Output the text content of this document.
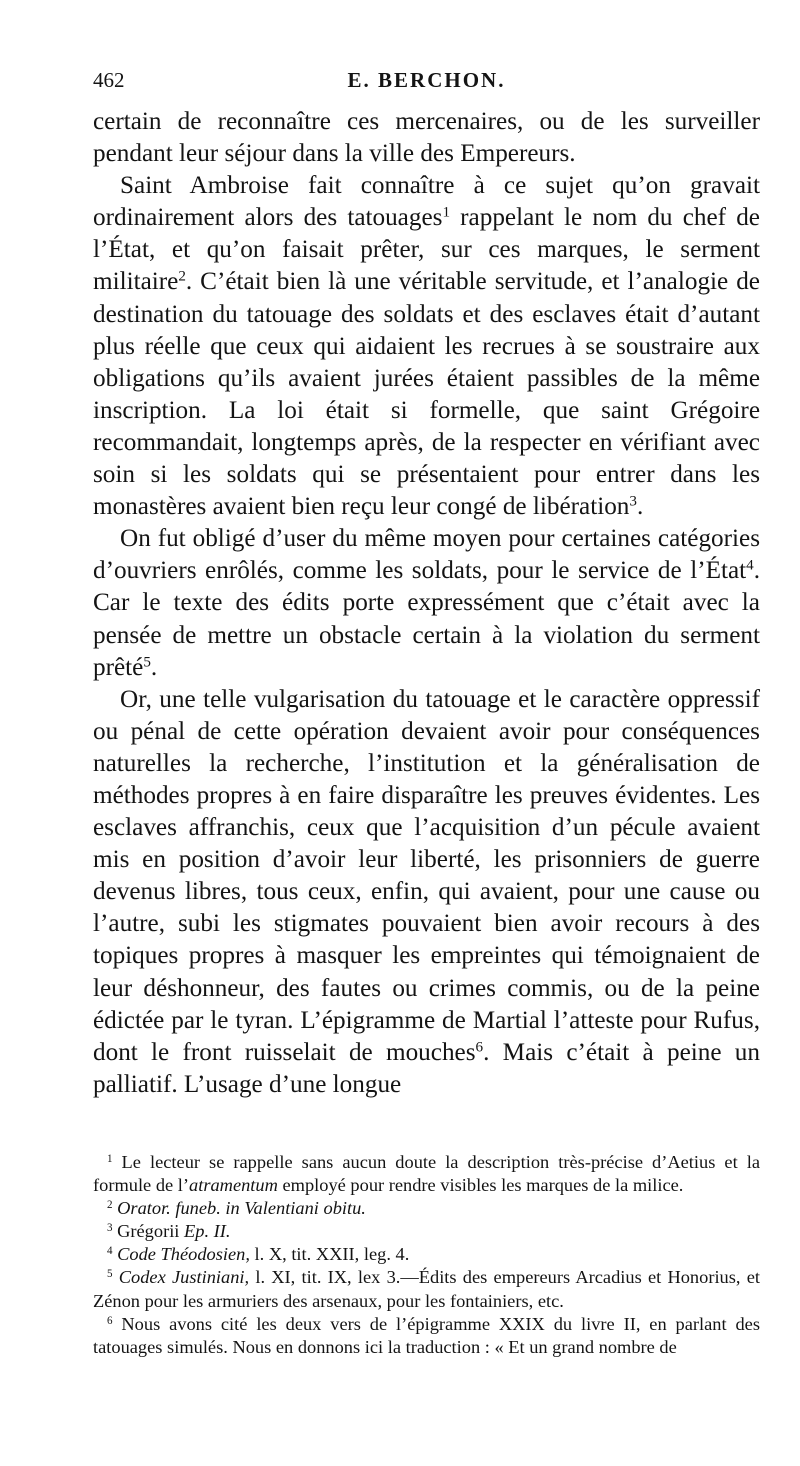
462	E. BERCHON.

certain de reconnaître ces mercenaires, ou de les surveiller pendant leur séjour dans la ville des Empereurs.

Saint Ambroise fait connaître à ce sujet qu’on gravait ordinairement alors des tatouages$^1$ rappelant le nom du chef de l’État, et qu’on faisait prêter, sur ces marques, le serment militaire$^2$. C’était bien là une véritable servitude, et l’analogie de destination du tatouage des soldats et des esclaves était d’autant plus réelle que ceux qui aidaient les recrues à se soustraire aux obligations qu’ils avaient jurées étaient passibles de la même inscription. La loi était si formelle, que saint Grégoire recommandait, longtemps après, de la respecter en vérifiant avec soin si les soldats qui se présentaient pour entrer dans les monastères avaient bien reçu leur congé de libération$^3$.

On fut obligé d’user du même moyen pour certaines catégories d’ouvriers enrôlés, comme les soldats, pour le service de l’État$^4$. Car le texte des édits porte expressément que c’était avec la pensée de mettre un obstacle certain à la violation du serment prêté$^5$.

Or, une telle vulgarisation du tatouage et le caractère oppressif ou pénal de cette opération devaient avoir pour conséquences naturelles la recherche, l’institution et la généralisation de méthodes propres à en faire disparaître les preuves évidentes. Les esclaves affranchis, ceux que l’acquisition d’un pécule avaient mis en position d’avoir leur liberté, les prisonniers de guerre devenus libres, tous ceux, enfin, qui avaient, pour une cause ou l’autre, subi les stigmates pouvaient bien avoir recours à des topiques propres à masquer les empreintes qui témoignaient de leur déshonneur, des fautes ou crimes commis, ou de la peine édictée par le tyran. L’épigramme de Martial l’atteste pour Rufus, dont le front ruisselait de mouches$^6$. Mais c’était à peine un palliatif. L’usage d’une longue

$^1$ Le lecteur se rappelle sans aucun doute la description très-précise d’Aetius et la formule de l’atramentum employé pour rendre visibles les marques de la milice.

$^2$ Orator. funeb. in Valentiani obitu.

$^3$ Grégorii Ep. II.

$^4$ Code Théodosien, l. X, tit. XXII, leg. 4.

$^5$ Codex Justiniani, l. XI, tit. IX, lex 3.—Édits des empereurs Arcadius et Honorius, et Zénon pour les armuriers des arsenaux, pour les fontainiers, etc.

$^6$ Nous avons cité les deux vers de l’épigramme XXIX du livre II, en parlant des tatouages simulés. Nous en donnons ici la traduction : « Et un grand nombre de
